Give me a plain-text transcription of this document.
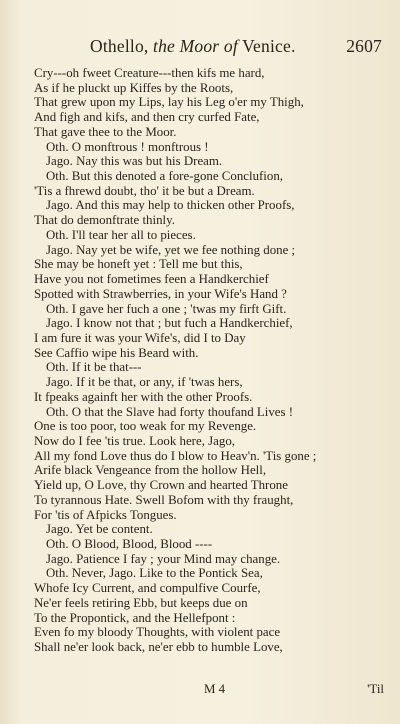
Othello, the Moor of Venice.	2607
Cry---oh fweet Creature---then kifs me hard,
As if he pluckt up Kiffes by the Roots,
That grew upon my Lips, lay his Leg o'er my Thigh,
And figh and kifs, and then cry curfed Fate,
That gave thee to the Moor.
Oth. O monftrous ! monftrous !
Jago. Nay this was but his Dream.
Oth. But this denoted a fore-gone Conclufion,
'Tis a fhrewd doubt, tho' it be but a Dream.
Jago. And this may help to thicken other Proofs,
That do demonftrate thinly.
Oth. I'll tear her all to pieces.
Jago. Nay yet be wife, yet we fee nothing done ;
She may be honeft yet : Tell me but this,
Have you not fometimes feen a Handkerchief
Spotted with Strawberries, in your Wife's Hand ?
Oth. I gave her fuch a one ; 'twas my firft Gift.
Jago. I know not that ; but fuch a Handkerchief,
I am fure it was your Wife's, did I to Day
See Caffio wipe his Beard with.
Oth. If it be that---
Jago. If it be that, or any, if 'twas hers,
It fpeaks againft her with the other Proofs.
Oth. O that the Slave had forty thoufand Lives !
One is too poor, too weak for my Revenge.
Now do I fee 'tis true. Look here, Jago,
All my fond Love thus do I blow to Heav'n. 'Tis gone ;
Arife black Vengeance from the hollow Hell,
Yield up, O Love, thy Crown and hearted Throne
To tyrannous Hate. Swell Bofom with thy fraught,
For 'tis of Afpicks Tongues.
Jago. Yet be content.
Oth. O Blood, Blood, Blood ----
Jago. Patience I fay ; your Mind may change.
Oth. Never, Jago. Like to the Pontick Sea,
Whofe Icy Current, and compulfive Courfe,
Ne'er feels retiring Ebb, but keeps due on
To the Propontick, and the Hellefpont :
Even fo my bloody Thoughts, with violent pace
Shall ne'er look back, ne'er ebb to humble Love,
M 4	'Til
